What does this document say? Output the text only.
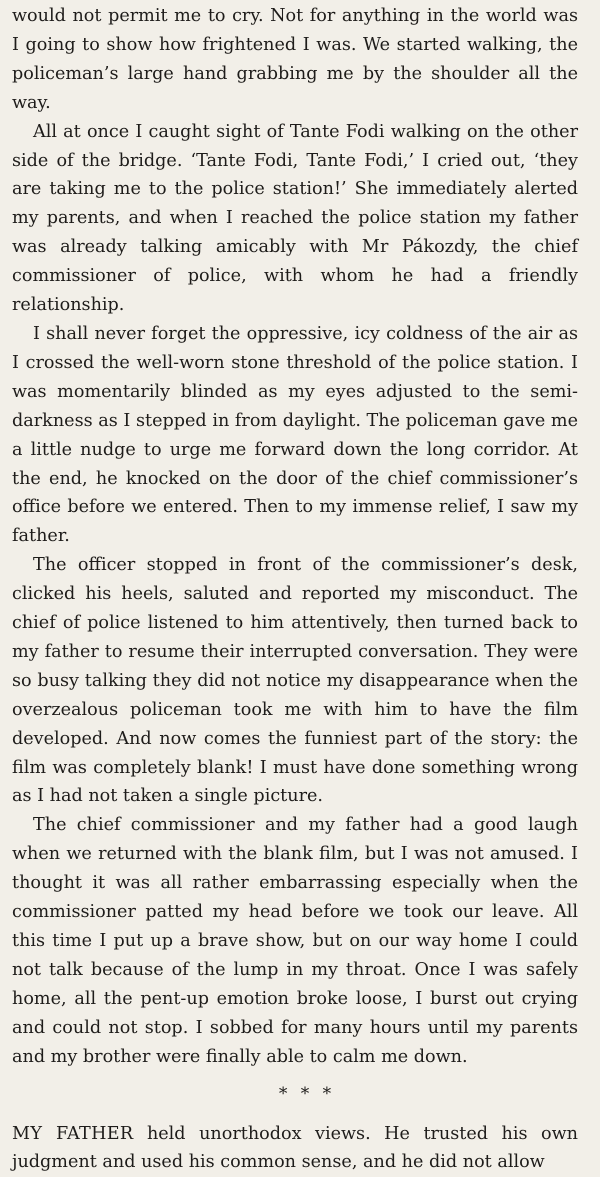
would not permit me to cry. Not for anything in the world was I going to show how frightened I was. We started walking, the policeman’s large hand grabbing me by the shoulder all the way.

All at once I caught sight of Tante Fodi walking on the other side of the bridge. ‘Tante Fodi, Tante Fodi,’ I cried out, ‘they are taking me to the police station!’ She immediately alerted my parents, and when I reached the police station my father was already talking amicably with Mr Pákozdy, the chief commissioner of police, with whom he had a friendly relationship.

I shall never forget the oppressive, icy coldness of the air as I crossed the well-worn stone threshold of the police station. I was momentarily blinded as my eyes adjusted to the semi-darkness as I stepped in from daylight. The policeman gave me a little nudge to urge me forward down the long corridor. At the end, he knocked on the door of the chief commissioner’s office before we entered. Then to my immense relief, I saw my father.

The officer stopped in front of the commissioner’s desk, clicked his heels, saluted and reported my misconduct. The chief of police listened to him attentively, then turned back to my father to resume their interrupted conversation. They were so busy talking they did not notice my disappearance when the overzealous policeman took me with him to have the film developed. And now comes the funniest part of the story: the film was completely blank! I must have done something wrong as I had not taken a single picture.

The chief commissioner and my father had a good laugh when we returned with the blank film, but I was not amused. I thought it was all rather embarrassing especially when the commissioner patted my head before we took our leave. All this time I put up a brave show, but on our way home I could not talk because of the lump in my throat. Once I was safely home, all the pent-up emotion broke loose, I burst out crying and could not stop. I sobbed for many hours until my parents and my brother were finally able to calm me down.

* * *

MY FATHER held unorthodox views. He trusted his own judgment and used his common sense, and he did not allow
